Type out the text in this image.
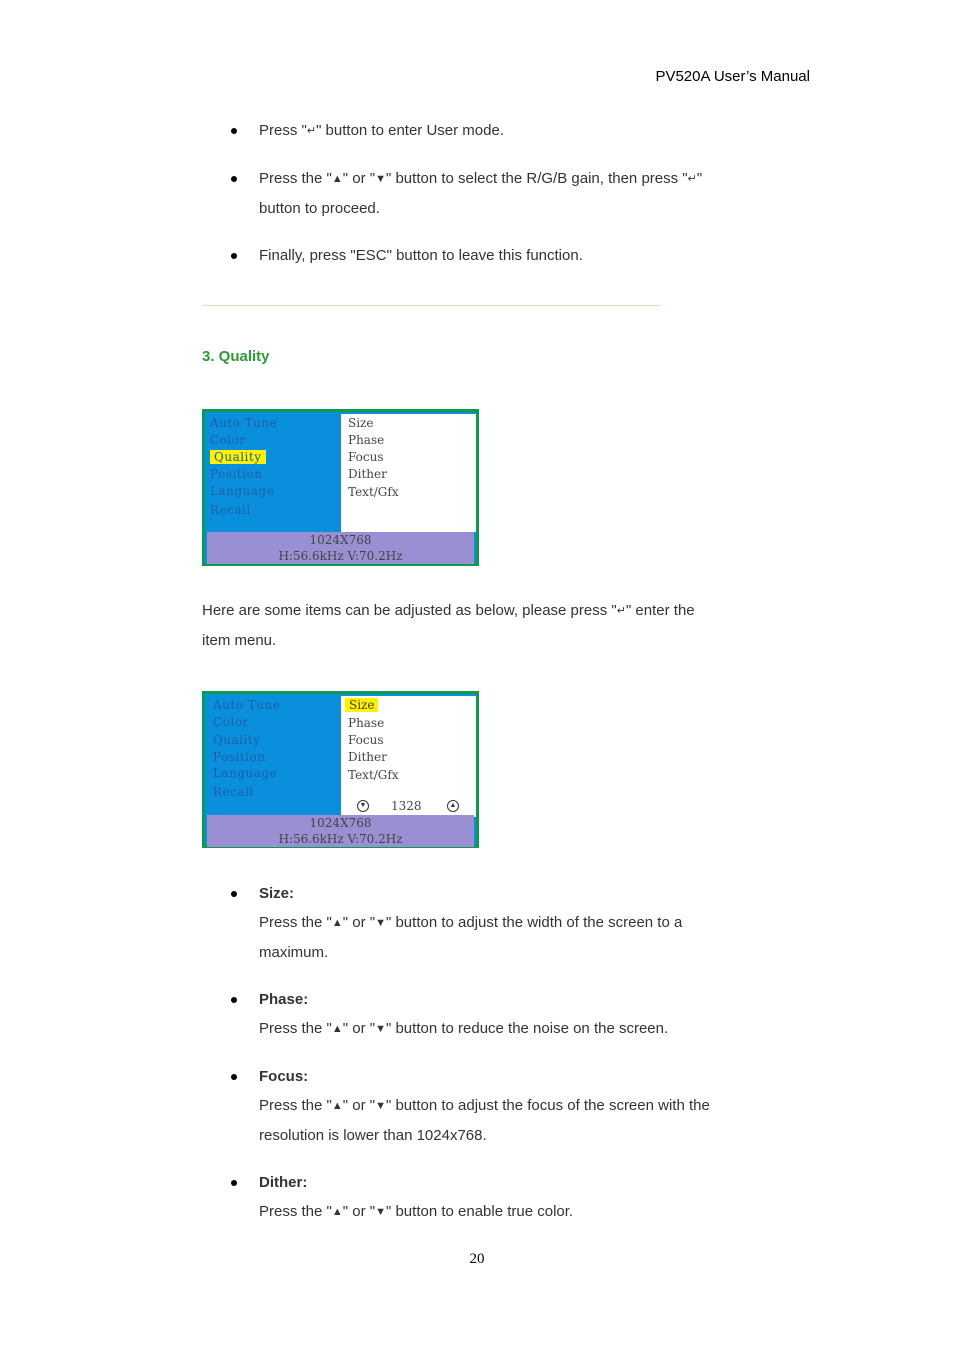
PV520A User’s Manual
Press "↵" button to enter User mode.
Press the "▲" or "▼" button to select the R/G/B gain, then press "↵"
button to proceed.
Finally, press "ESC" button to leave this function.
3. Quality
Auto Tune
Color
Quality
Position
Language
Recall
Size
Phase
Focus
Dither
Text/Gfx
1024X768
H:56.6kHz V:70.2Hz
Here are some items can be adjusted as below, please press "↵" enter the
item menu.
Auto Tune
Color
Quality
Position
Language
Recall
Size
Phase
Focus
Dither
Text/Gfx
▼ 1328	▲
1024X768
H:56.6kHz V:70.2Hz
Size:
Press the "▲" or "▼" button to adjust the width of the screen to a
maximum.
Phase:
Press the "▲" or "▼" button to reduce the noise on the screen.
Focus:
Press the "▲" or "▼" button to adjust the focus of the screen with the
resolution is lower than 1024x768.
Dither:
Press the "▲" or "▼" button to enable true color.
20
